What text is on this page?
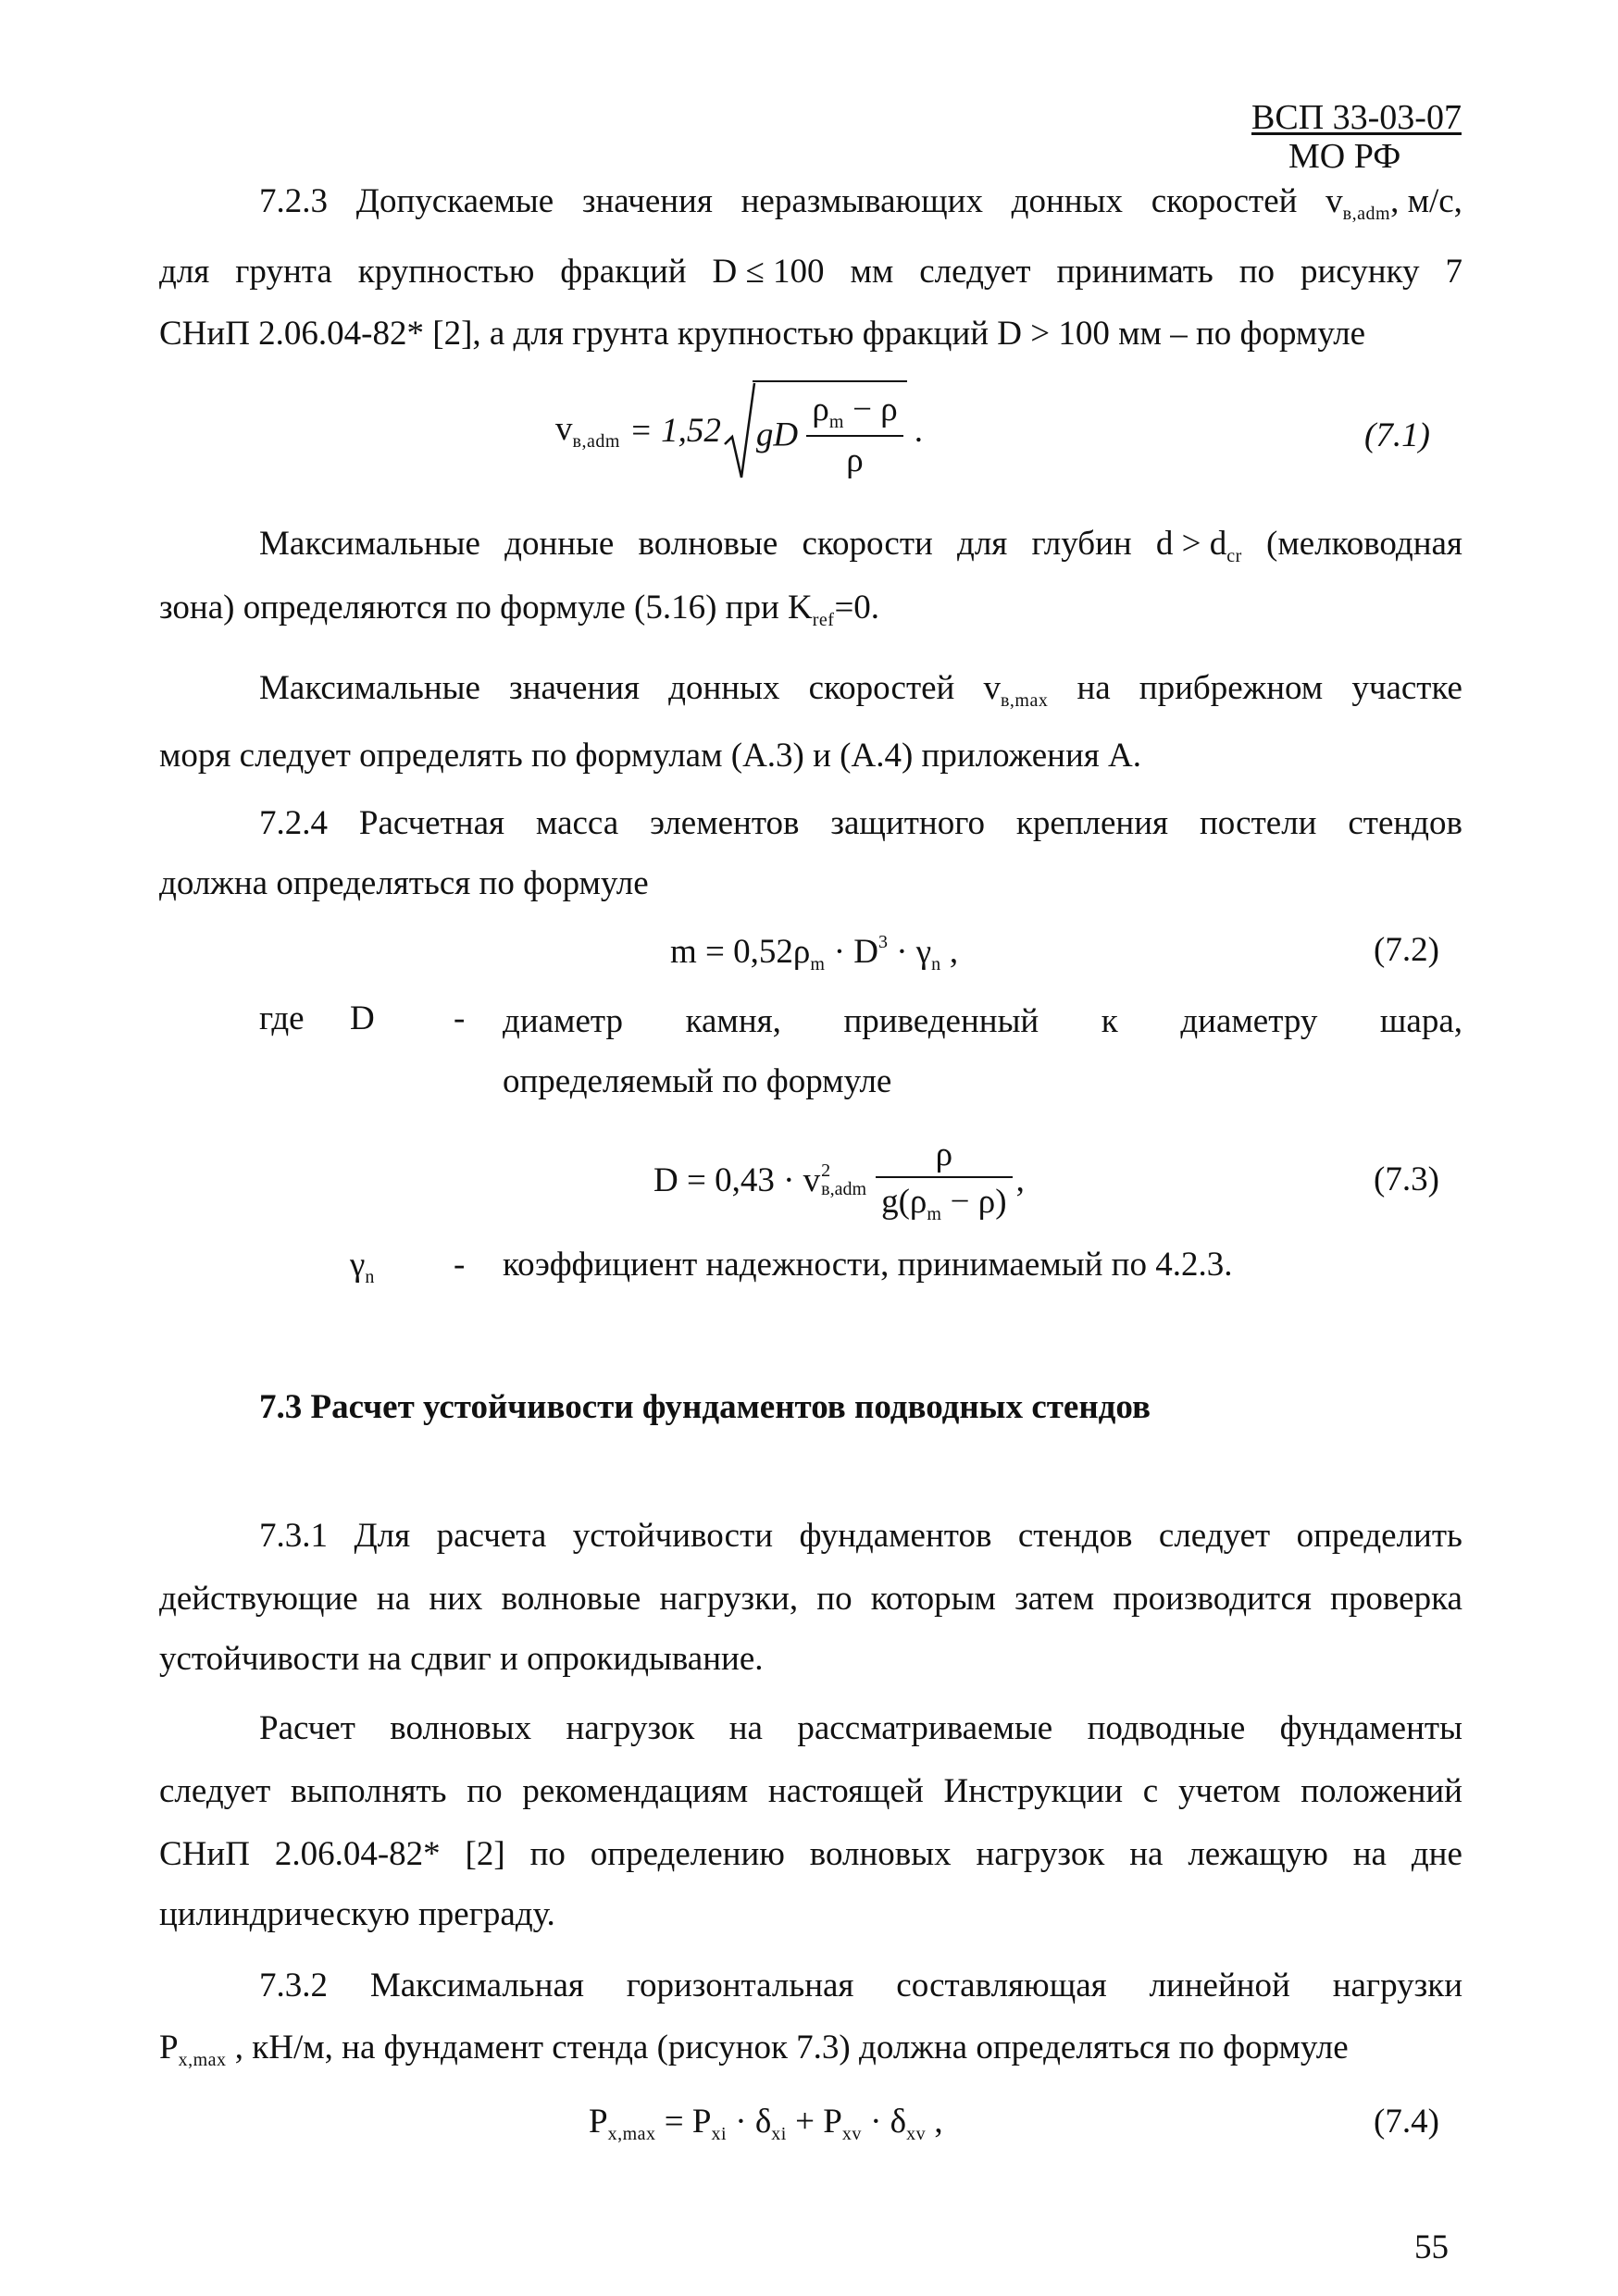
ВСП 33-03-07
МО РФ
7.2.3 Допускаемые значения неразмывающих донных скоростей $v_{в,adm}$, м/с,
для грунта крупностью фракций D ≤ 100 мм следует принимать по рисунку 7
СНиП 2.06.04-82* [2], а для грунта крупностью фракций D > 100 мм – по формуле
$v_{в,adm} = 1,52$ gD $\frac{\rho_m - \rho}{\rho}$ .	(7.1)
Максимальные донные волновые скорости для глубин $d > d_{cr}$ (мелководная
зона) определяются по формуле (5.16) при $K_{ref}=0$.
Максимальные значения донных скоростей $v_{в,max}$ на прибрежном участке
моря следует определять по формулам (А.3) и (А.4) приложения А.
7.2.4 Расчетная масса элементов защитного крепления постели стендов
должна определяться по формуле
$m = 0,52\rho_m \cdot D^3 \cdot \gamma_n$ ,	(7.2)
где D - диаметр камня, приведенный к диаметру шара,
определяемый по формуле
D = 0,43 · v 2
$в,adm \frac{\rho}{g(\rho_m - \rho)}$ ,	(7.3)
$\gamma_n$ - коэффициент надежности, принимаемый по 4.2.3.
7.3 Расчет устойчивости фундаментов подводных стендов
7.3.1 Для расчета устойчивости фундаментов стендов следует определить
действующие на них волновые нагрузки, по которым затем производится проверка
устойчивости на сдвиг и опрокидывание.
Расчет волновых нагрузок на рассматриваемые подводные фундаменты
следует выполнять по рекомендациям настоящей Инструкции с учетом положений
СНиП 2.06.04-82* [2] по определению волновых нагрузок на лежащую на дне
цилиндрическую преграду.
7.3.2 Максимальная горизонтальная составляющая линейной нагрузки
$P_{x,max}$ , кН/м, на фундамент стенда (рисунок 7.3) должна определяться по формуле
$P_{x,max} = P_{xi} \cdot \delta_{xi} + P_{xv} \cdot \delta_{xv}$ ,	(7.4)
55
